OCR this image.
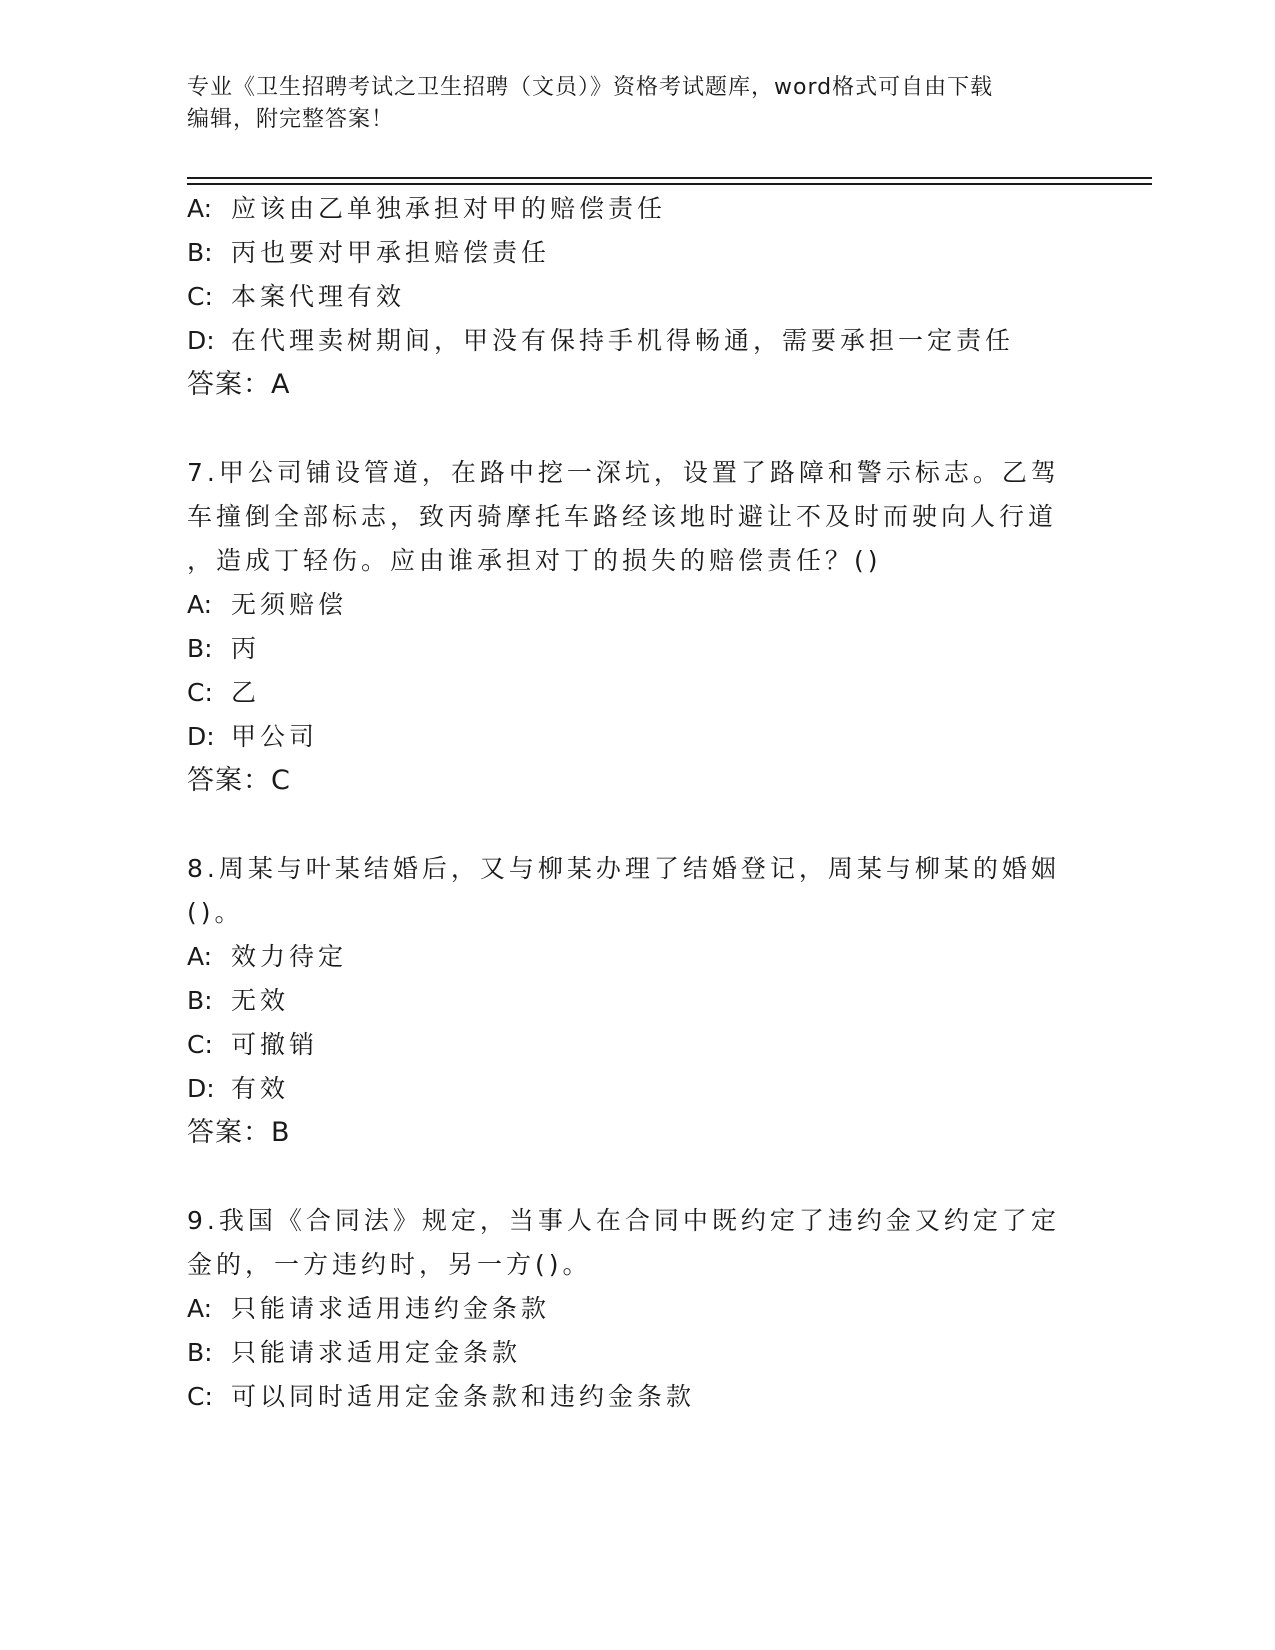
专业《卫生招聘考试之卫生招聘（文员）》资格考试题库，word格式可自由下载
编辑，附完整答案！
A: 应该由乙单独承担对甲的赔偿责任
B: 丙也要对甲承担赔偿责任
C: 本案代理有效
D: 在代理卖树期间，甲没有保持手机得畅通，需要承担一定责任
答案：A
7.甲公司铺设管道，在路中挖一深坑，设置了路障和警示标志。乙驾
车撞倒全部标志，致丙骑摩托车路经该地时避让不及时而驶向人行道
，造成丁轻伤。应由谁承担对丁的损失的赔偿责任？()
A: 无须赔偿
B: 丙
C: 乙
D: 甲公司
答案：C
8.周某与叶某结婚后，又与柳某办理了结婚登记，周某与柳某的婚姻
()。
A: 效力待定
B: 无效
C: 可撤销
D: 有效
答案：B
9.我国《合同法》规定，当事人在合同中既约定了违约金又约定了定
金的，一方违约时，另一方()。
A: 只能请求适用违约金条款
B: 只能请求适用定金条款
C: 可以同时适用定金条款和违约金条款
